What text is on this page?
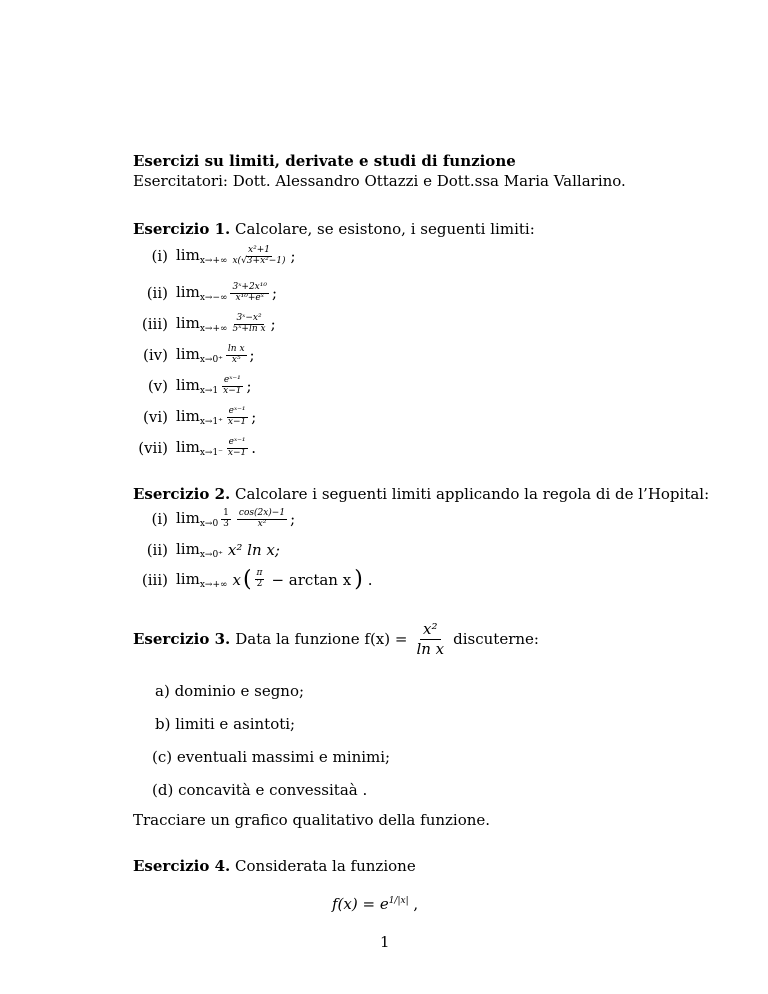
Esercizi su limiti, derivate e studi di funzione
Esercitatori: Dott. Alessandro Ottazzi e Dott.ssa Maria Vallarino.
Esercizio 1. Calcolare, se esistono, i seguenti limiti:
(i) $\lim_{x\to+\infty} \frac{\text{x²+1}}{\text{x(√3+x²−1)}}$ ;
(ii) $\lim_{x\to-\infty} \frac{\text{3ˣ+2x¹⁰}}{\text{x¹⁰+eˣ}}$ ;
(iii) $\lim_{x\to+\infty} \frac{\text{3ˣ−x²}}{\text{5ˣ+ln x}}$ ;
(iv) $\lim_{x\to 0^+} \frac{\text{ln x}}{\text{x⁵}}$ ;
(v) $\lim_{x\to 1} \frac{\text{eˣ⁻¹}}{x-1}$ ;
(vi) $\lim_{x\to 1^+} \frac{\text{eˣ⁻¹}}{x-1}$ ;
(vii) $\lim_{x\to 1^-} \frac{\text{eˣ⁻¹}}{x-1}$ .
Esercizio 2. Calcolare i seguenti limiti applicando la regola di de l’Hopital:
(i) $\lim_{x\to 0} \frac{1}{3} \frac{\cos(2x)-1}{\text{x²}}$ ;
(ii) $\lim_{x\to 0^+} x^2$ ln x;
(iii) $\lim_{x\to+\infty} x$ ( $\frac{\pi}{2} - \arctan x$ ) .
Esercizio 3. Data la funzione $f(x) = \frac{\text{x²}}{\text{ln x}}$ discuterne:
a) dominio e segno;
b) limiti e asintoti;
(c) eventuali massimi e minimi;
(d) concavità e convessitaà .
Tracciare un grafico qualitativo della funzione.
Esercizio 4. Considerata la funzione
$f(x) = e^{1/|x|}$ ,
1
